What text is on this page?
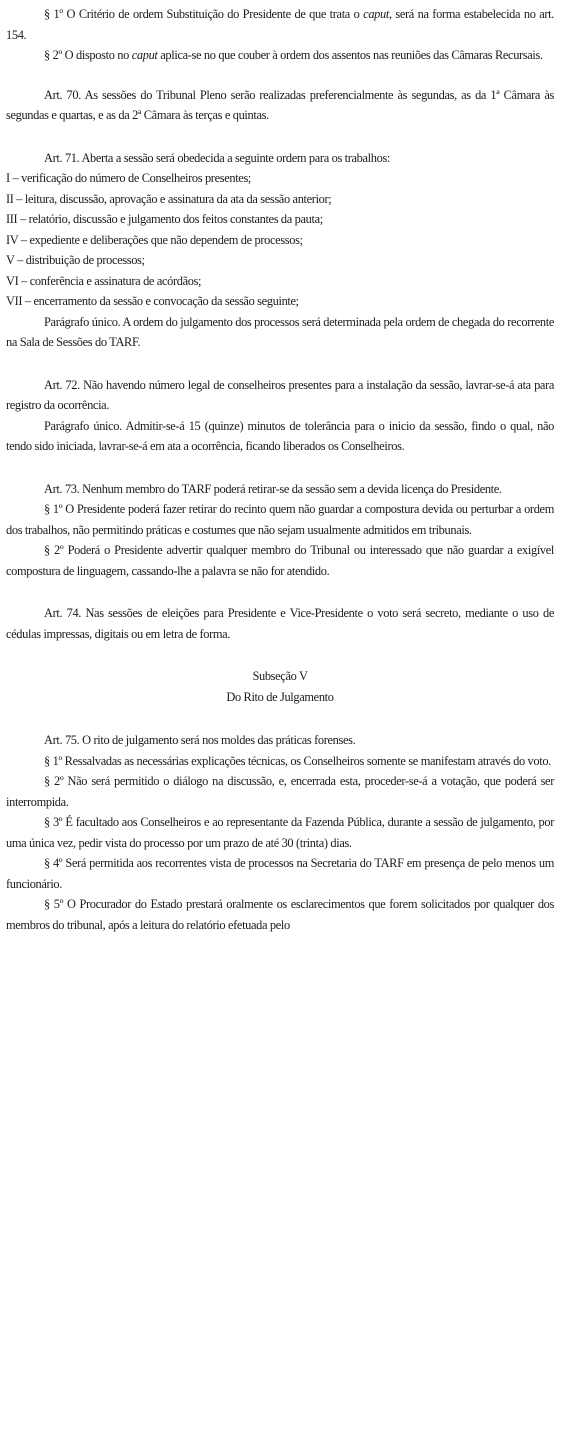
§ 1º O Critério de ordem Substituição do Presidente de que trata o caput, será na forma estabelecida no art. 154.

§ 2º O disposto no caput aplica-se no que couber à ordem dos assentos nas reuniões das Câmaras Recursais.

Art. 70. As sessões do Tribunal Pleno serão realizadas preferencialmente às segundas, as da 1ª Câmara às segundas e quartas, e as da 2ª Câmara às terças e quintas.

Art. 71. Aberta a sessão será obedecida a seguinte ordem para os trabalhos:

I – verificação do número de Conselheiros presentes;

II – leitura, discussão, aprovação e assinatura da ata da sessão anterior;

III – relatório, discussão e julgamento dos feitos constantes da pauta;

IV – expediente e deliberações que não dependem de processos;

V – distribuição de processos;

VI – conferência e assinatura de acórdãos;

VII – encerramento da sessão e convocação da sessão seguinte;

Parágrafo único. A ordem do julgamento dos processos será determinada pela ordem de chegada do recorrente na Sala de Sessões do TARF.

Art. 72. Não havendo número legal de conselheiros presentes para a instalação da sessão, lavrar-se-á ata para registro da ocorrência.

Parágrafo único. Admitir-se-á 15 (quinze) minutos de tolerância para o inicio da sessão, findo o qual, não tendo sido iniciada, lavrar-se-á em ata a ocorrência, ficando liberados os Conselheiros.

Art. 73. Nenhum membro do TARF poderá retirar-se da sessão sem a devida licença do Presidente.

§ 1º O Presidente poderá fazer retirar do recinto quem não guardar a compostura devida ou perturbar a ordem dos trabalhos, não permitindo práticas e costumes que não sejam usualmente admitidos em tribunais.

§ 2º Poderá o Presidente advertir qualquer membro do Tribunal ou interessado que não guardar a exigível compostura de linguagem, cassando-lhe a palavra se não for atendido.

Art. 74. Nas sessões de eleições para Presidente e Vice-Presidente o voto será secreto, mediante o uso de cédulas impressas, digitais ou em letra de forma.

Subseção V

Do Rito de Julgamento

Art. 75. O rito de julgamento será nos moldes das práticas forenses.

§ 1º Ressalvadas as necessárias explicações técnicas, os Conselheiros somente se manifestam através do voto.

§ 2º Não será permitido o diálogo na discussão, e, encerrada esta, proceder-se-á a votação, que poderá ser interrompida.

§ 3º É facultado aos Conselheiros e ao representante da Fazenda Pública, durante a sessão de julgamento, por uma única vez, pedir vista do processo por um prazo de até 30 (trinta) dias.

§ 4º Será permitida aos recorrentes vista de processos na Secretaria do TARF em presença de pelo menos um funcionário.

§ 5º O Procurador do Estado prestará oralmente os esclarecimentos que forem solicitados por qualquer dos membros do tribunal, após a leitura do relatório efetuada pelo
